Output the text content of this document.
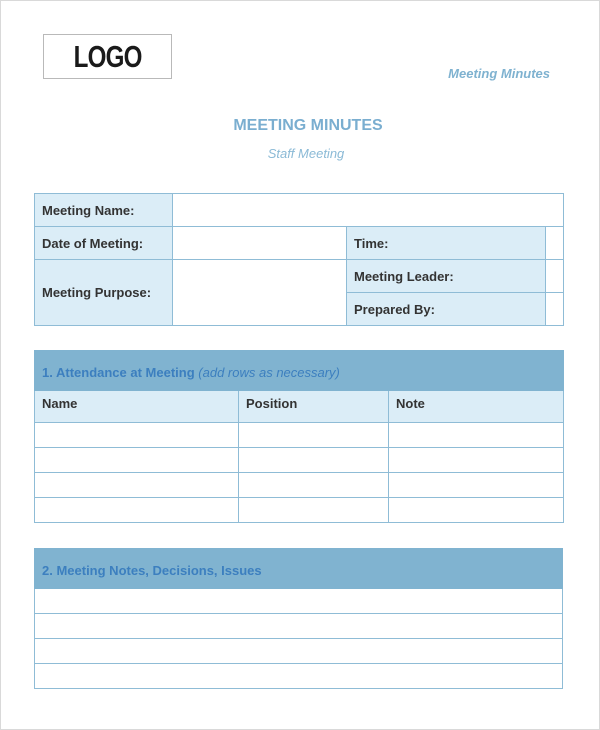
LOGO	Meeting Minutes
MEETING MINUTES
Staff Meeting
Meeting Name:			
Date of Meeting:		Time:	
Meeting Purpose:		Meeting Leader:	
		Prepared By:	
1. Attendance at Meeting (add rows as necessary)		
Name	Position	Note

2. Meeting Notes, Decisions, Issues
